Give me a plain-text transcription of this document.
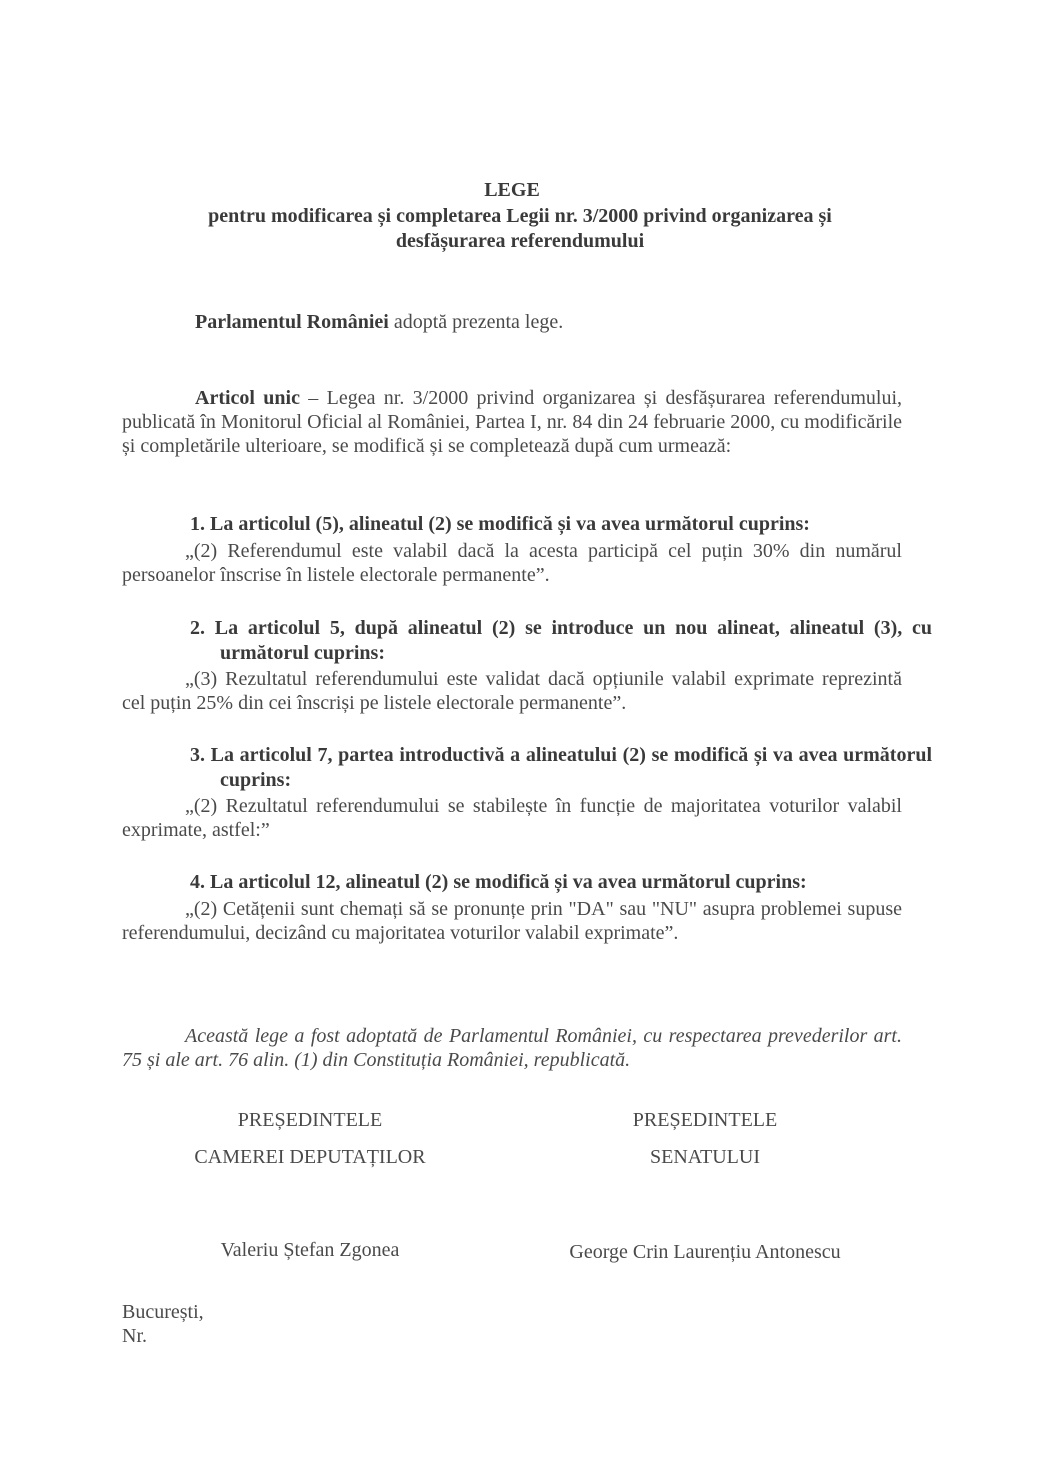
LEGE
pentru modificarea și completarea Legii nr. 3/2000 privind organizarea și
desfășurarea referendumului
Parlamentul României adoptă prezenta lege.
Articol unic – Legea nr. 3/2000 privind organizarea și desfășurarea referendumului, publicată în Monitorul Oficial al României, Partea I, nr. 84 din 24 februarie 2000, cu modificările și completările ulterioare, se modifică și se completează după cum urmează:
1. La articolul (5), alineatul (2) se modifică și va avea următorul cuprins:
„(2) Referendumul este valabil dacă la acesta participă cel puțin 30% din numărul persoanelor înscrise în listele electorale permanente”.
2. La articolul 5, după alineatul (2) se introduce un nou alineat, alineatul (3), cu următorul cuprins:
„(3) Rezultatul referendumului este validat dacă opțiunile valabil exprimate reprezintă cel puțin 25% din cei înscriși pe listele electorale permanente”.
3. La articolul 7, partea introductivă a alineatului (2) se modifică și va avea următorul cuprins:
„(2) Rezultatul referendumului se stabilește în funcție de majoritatea voturilor valabil exprimate, astfel:”
4. La articolul 12, alineatul (2) se modifică și va avea următorul cuprins:
„(2) Cetățenii sunt chemați să se pronunțe prin "DA" sau "NU" asupra problemei supuse referendumului, decizând cu majoritatea voturilor valabil exprimate”.
Această lege a fost adoptată de Parlamentul României, cu respectarea prevederilor art. 75 și ale art. 76 alin. (1) din Constituția României, republicată.
PREȘEDINTELE
CAMEREI DEPUTAȚILOR
PREȘEDINTELE
SENATULUI
Valeriu Ștefan Zgonea	George Crin Laurențiu Antonescu
București,
Nr.
